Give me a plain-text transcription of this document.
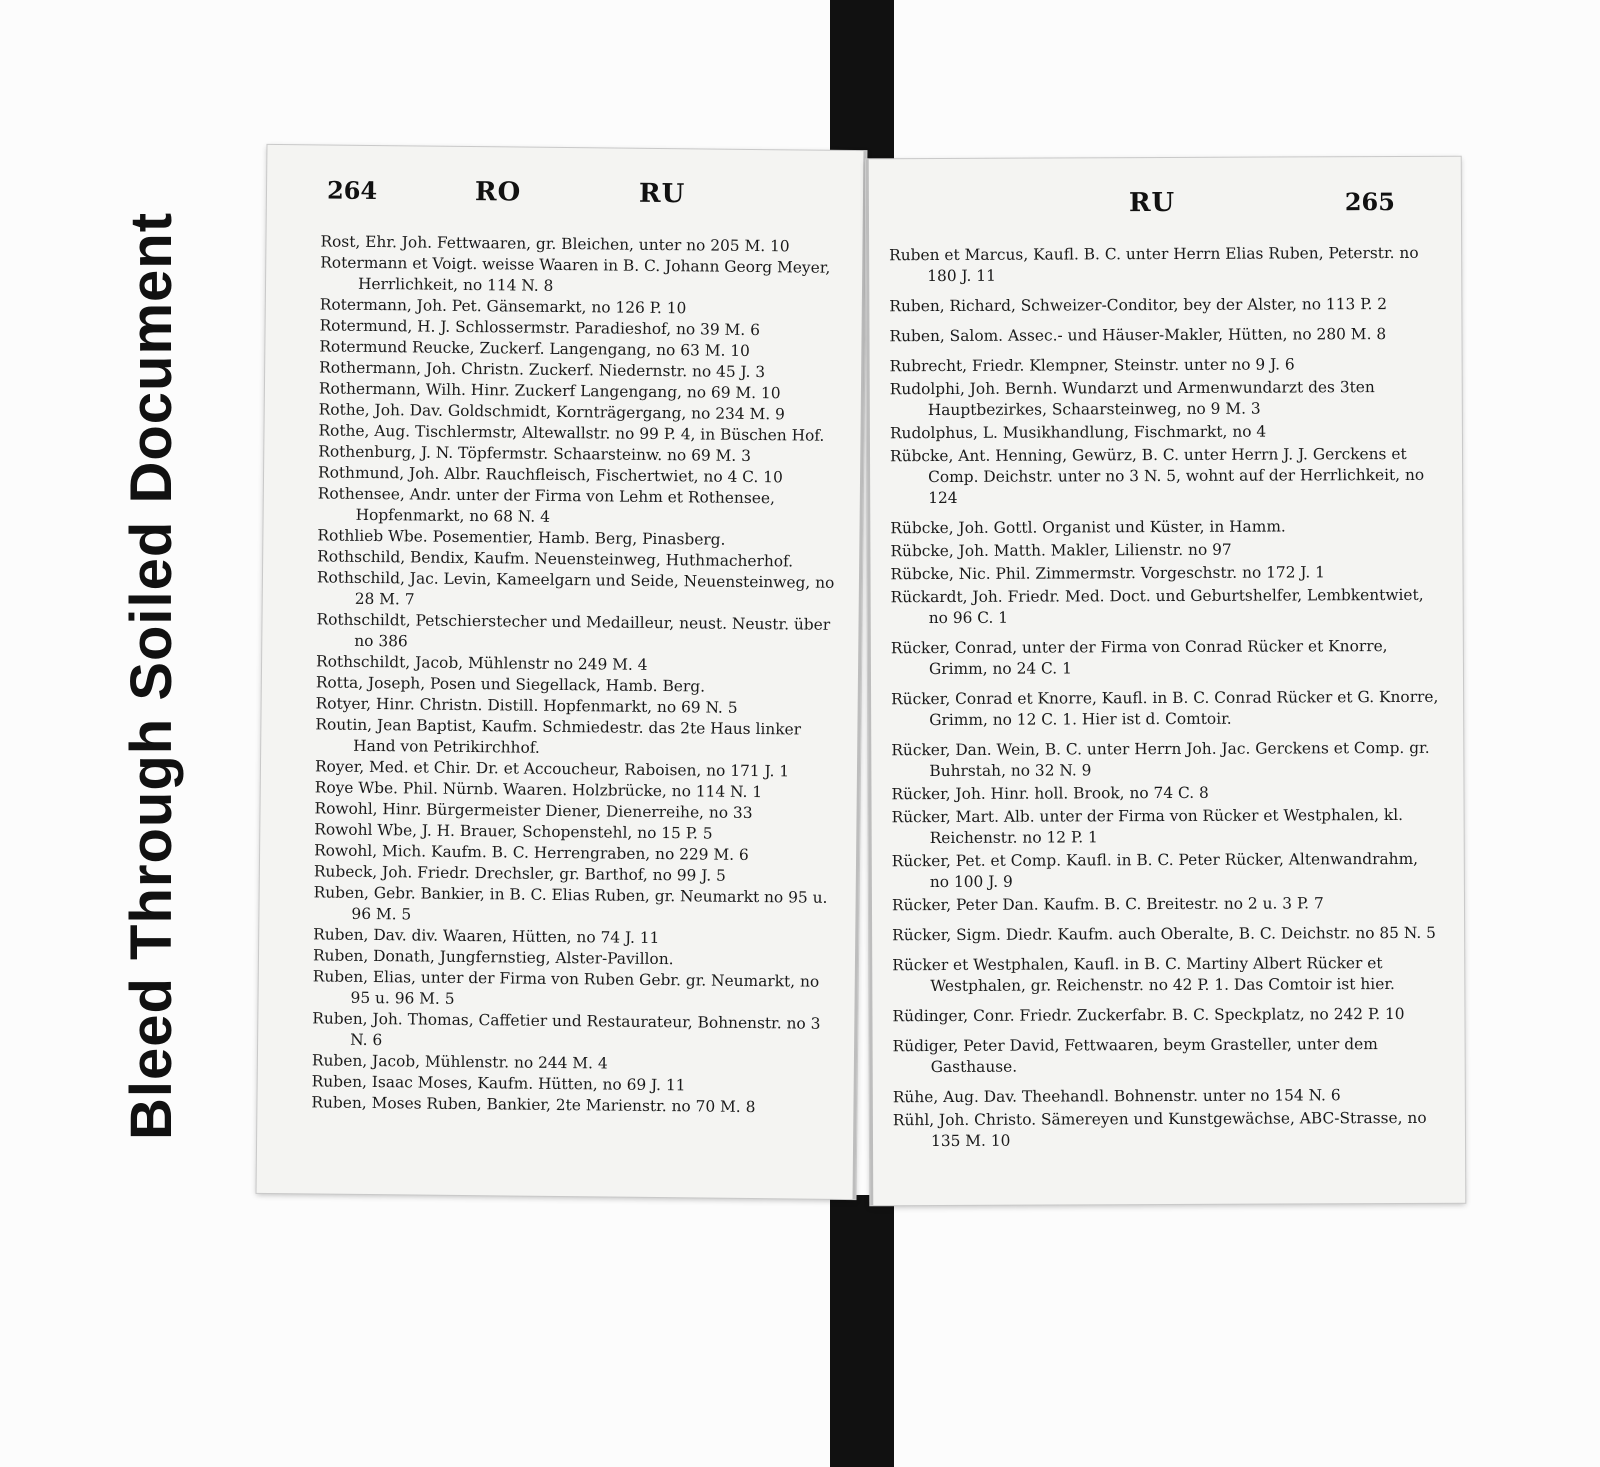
Bleed Through Soiled Document
264	RO	RU
Rost, Ehr. Joh. Fettwaaren, gr. Bleichen, unter no 205 M. 10
Rotermann et Voigt. weisse Waaren in B. C. Johann Georg Meyer, Herrlichkeit, no 114 N. 8
Rotermann, Joh. Pet. Gänsemarkt, no 126 P. 10
Rotermund, H. J. Schlossermstr. Paradieshof, no 39 M. 6
Rotermund Reucke, Zuckerf. Langengang, no 63 M. 10
Rothermann, Joh. Christn. Zuckerf. Niedernstr. no 45 J. 3
Rothermann, Wilh. Hinr. Zuckerf Langengang, no 69 M. 10
Rothe, Joh. Dav. Goldschmidt, Kornträgergang, no 234 M. 9
Rothe, Aug. Tischlermstr, Altewallstr. no 99 P. 4, in Büschen Hof.
Rothenburg, J. N. Töpfermstr. Schaarsteinw. no 69 M. 3
Rothmund, Joh. Albr. Rauchfleisch, Fischertwiet, no 4 C. 10
Rothensee, Andr. unter der Firma von Lehm et Rothensee, Hopfenmarkt, no 68 N. 4
Rothlieb Wbe. Posementier, Hamb. Berg, Pinasberg.
Rothschild, Bendix, Kaufm. Neuensteinweg, Huthmacherhof.
Rothschild, Jac. Levin, Kameelgarn und Seide, Neuensteinweg, no 28 M. 7
Rothschildt, Petschierstecher und Medailleur, neust. Neustr. über no 386
Rothschildt, Jacob, Mühlenstr no 249 M. 4
Rotta, Joseph, Posen und Siegellack, Hamb. Berg.
Rotyer, Hinr. Christn. Distill. Hopfenmarkt, no 69 N. 5
Routin, Jean Baptist, Kaufm. Schmiedestr. das 2te Haus linker Hand von Petrikirchhof.
Royer, Med. et Chir. Dr. et Accoucheur, Raboisen, no 171 J. 1
Roye Wbe. Phil. Nürnb. Waaren. Holzbrücke, no 114 N. 1
Rowohl, Hinr. Bürgermeister Diener, Dienerreihe, no 33
Rowohl Wbe, J. H. Brauer, Schopenstehl, no 15 P. 5
Rowohl, Mich. Kaufm. B. C. Herrengraben, no 229 M. 6
Rubeck, Joh. Friedr. Drechsler, gr. Barthof, no 99 J. 5
Ruben, Gebr. Bankier, in B. C. Elias Ruben, gr. Neumarkt no 95 u. 96 M. 5
Ruben, Dav. div. Waaren, Hütten, no 74 J. 11
Ruben, Donath, Jungfernstieg, Alster-Pavillon.
Ruben, Elias, unter der Firma von Ruben Gebr. gr. Neumarkt, no 95 u. 96 M. 5
Ruben, Joh. Thomas, Caffetier und Restaurateur, Bohnenstr. no 3 N. 6
Ruben, Jacob, Mühlenstr. no 244 M. 4
Ruben, Isaac Moses, Kaufm. Hütten, no 69 J. 11
Ruben, Moses Ruben, Bankier, 2te Marienstr. no 70 M. 8
RU	265
Ruben et Marcus, Kaufl. B. C. unter Herrn Elias Ruben, Peterstr. no 180 J. 11
Ruben, Richard, Schweizer-Conditor, bey der Alster, no 113 P. 2
Ruben, Salom. Assec.- und Häuser-Makler, Hütten, no 280 M. 8
Rubrecht, Friedr. Klempner, Steinstr. unter no 9 J. 6
Rudolphi, Joh. Bernh. Wundarzt und Armenwundarzt des 3ten Hauptbezirkes, Schaarsteinweg, no 9 M. 3
Rudolphus, L. Musikhandlung, Fischmarkt, no 4
Rübcke, Ant. Henning, Gewürz, B. C. unter Herrn J. J. Gerckens et Comp. Deichstr. unter no 3 N. 5, wohnt auf der Herrlichkeit, no 124
Rübcke, Joh. Gottl. Organist und Küster, in Hamm.
Rübcke, Joh. Matth. Makler, Lilienstr. no 97
Rübcke, Nic. Phil. Zimmermstr. Vorgeschstr. no 172 J. 1
Rückardt, Joh. Friedr. Med. Doct. und Geburtshelfer, Lembkentwiet, no 96 C. 1
Rücker, Conrad, unter der Firma von Conrad Rücker et Knorre, Grimm, no 24 C. 1
Rücker, Conrad et Knorre, Kaufl. in B. C. Conrad Rücker et G. Knorre, Grimm, no 12 C. 1. Hier ist d. Comtoir.
Rücker, Dan. Wein, B. C. unter Herrn Joh. Jac. Gerckens et Comp. gr. Buhrstah, no 32 N. 9
Rücker, Joh. Hinr. holl. Brook, no 74 C. 8
Rücker, Mart. Alb. unter der Firma von Rücker et Westphalen, kl. Reichenstr. no 12 P. 1
Rücker, Pet. et Comp. Kaufl. in B. C. Peter Rücker, Altenwandrahm, no 100 J. 9
Rücker, Peter Dan. Kaufm. B. C. Breitestr. no 2 u. 3 P. 7
Rücker, Sigm. Diedr. Kaufm. auch Oberalte, B. C. Deichstr. no 85 N. 5
Rücker et Westphalen, Kaufl. in B. C. Martiny Albert Rücker et Westphalen, gr. Reichenstr. no 42 P. 1. Das Comtoir ist hier.
Rüdinger, Conr. Friedr. Zuckerfabr. B. C. Speckplatz, no 242 P. 10
Rüdiger, Peter David, Fettwaaren, beym Grasteller, unter dem Gasthause.
Rühe, Aug. Dav. Theehandl. Bohnenstr. unter no 154 N. 6
Rühl, Joh. Christo. Sämereyen und Kunstgewächse, ABC-Strasse, no 135 M. 10
